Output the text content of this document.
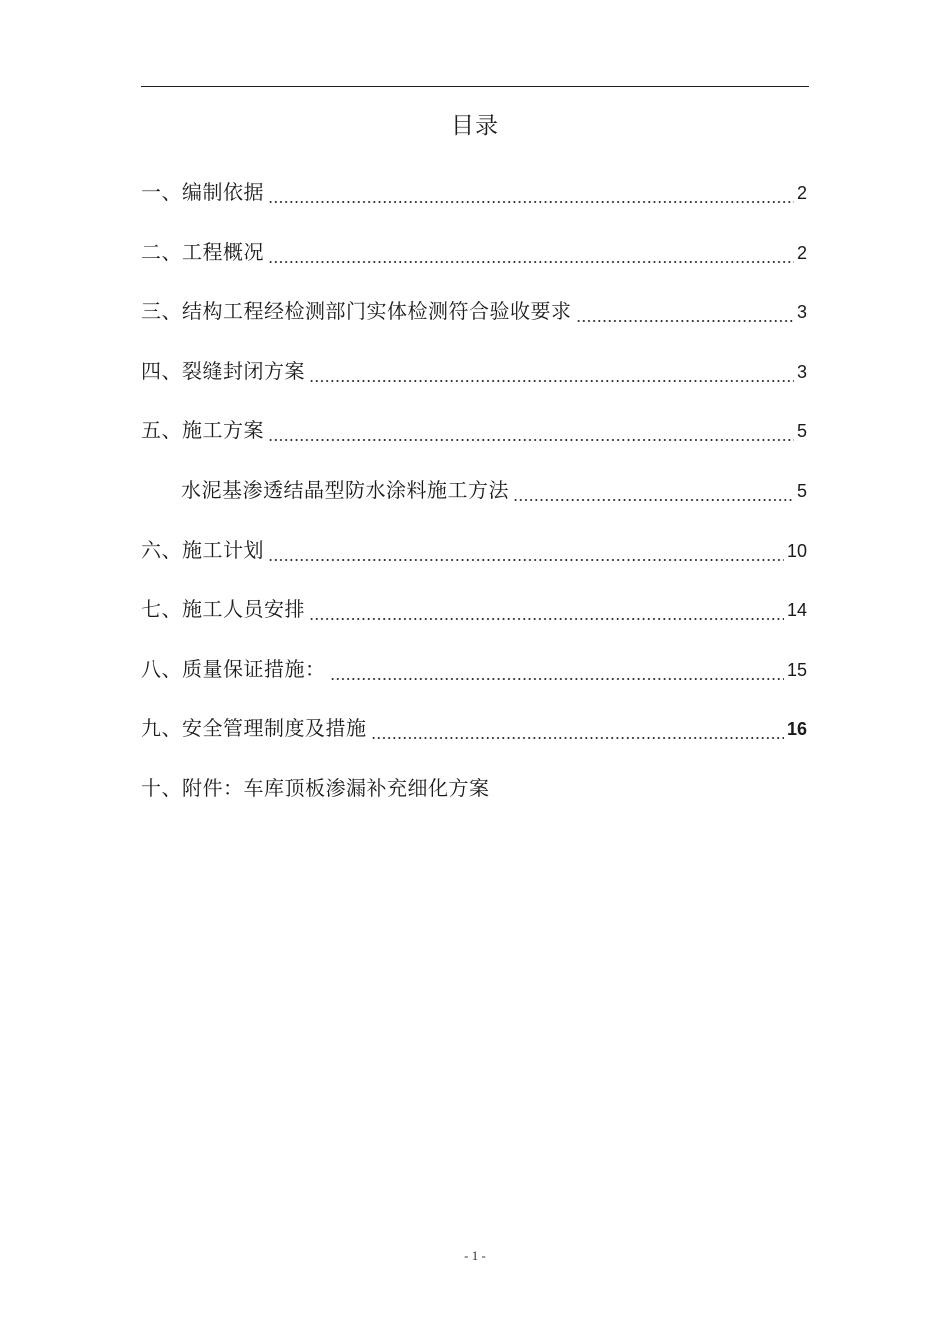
目录
一、编制依据	2
二、工程概况	2
三、结构工程经检测部门实体检测符合验收要求	3
四、裂缝封闭方案	3
五、施工方案	5
水泥基渗透结晶型防水涂料施工方法	5
六、施工计划	10
七、施工人员安排	14
八、质量保证措施：	15
九、安全管理制度及措施	16
十、附件：车库顶板渗漏补充细化方案
- 1 -
